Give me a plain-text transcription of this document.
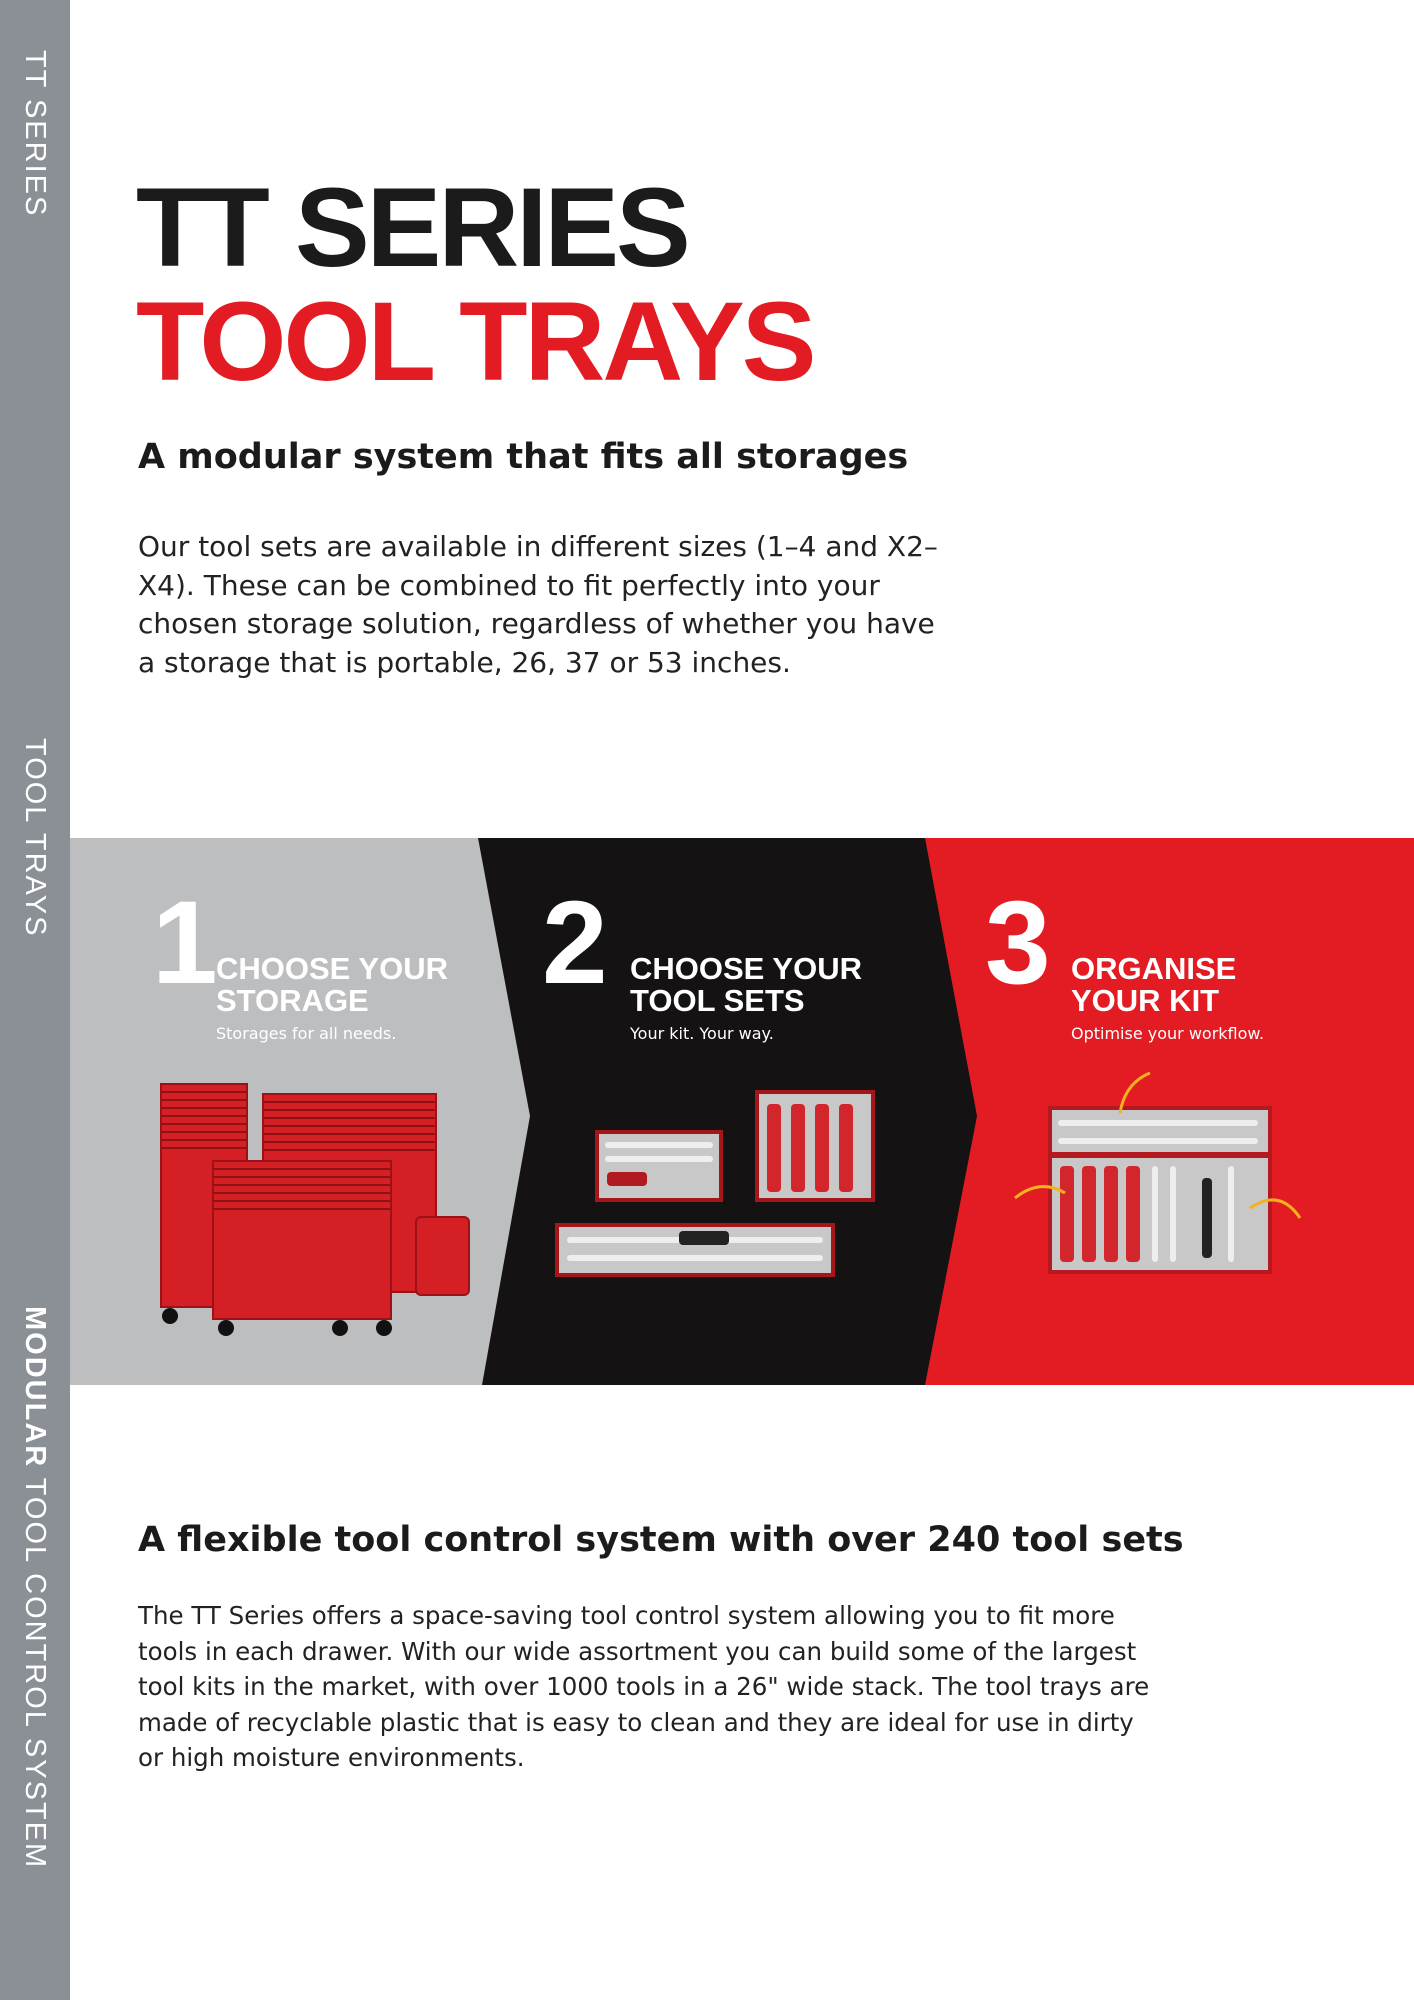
TT SERIES
TOOL TRAYS
MODULAR TOOL CONTROL SYSTEM
TT SERIES
TOOL TRAYS
A modular system that fits all storages
Our tool sets are available in different sizes (1–4 and X2–X4). These can be combined to fit perfectly into your chosen storage solution, regardless of whether you have a storage that is portable, 26, 37 or 53 inches.
1
CHOOSE YOUR
STORAGE
Storages for all needs.
2 CHOOSE YOUR
TOOL SETS
Your kit. Your way.
3 ORGANISE
YOUR KIT
Optimise your workflow.
A flexible tool control system with over 240 tool sets
The TT Series offers a space-saving tool control system allowing you to fit more tools in each drawer. With our wide assortment you can build some of the largest tool kits in the market, with over 1000 tools in a 26" wide stack. The tool trays are made of recyclable plastic that is easy to clean and they are ideal for use in dirty or high moisture environments.
